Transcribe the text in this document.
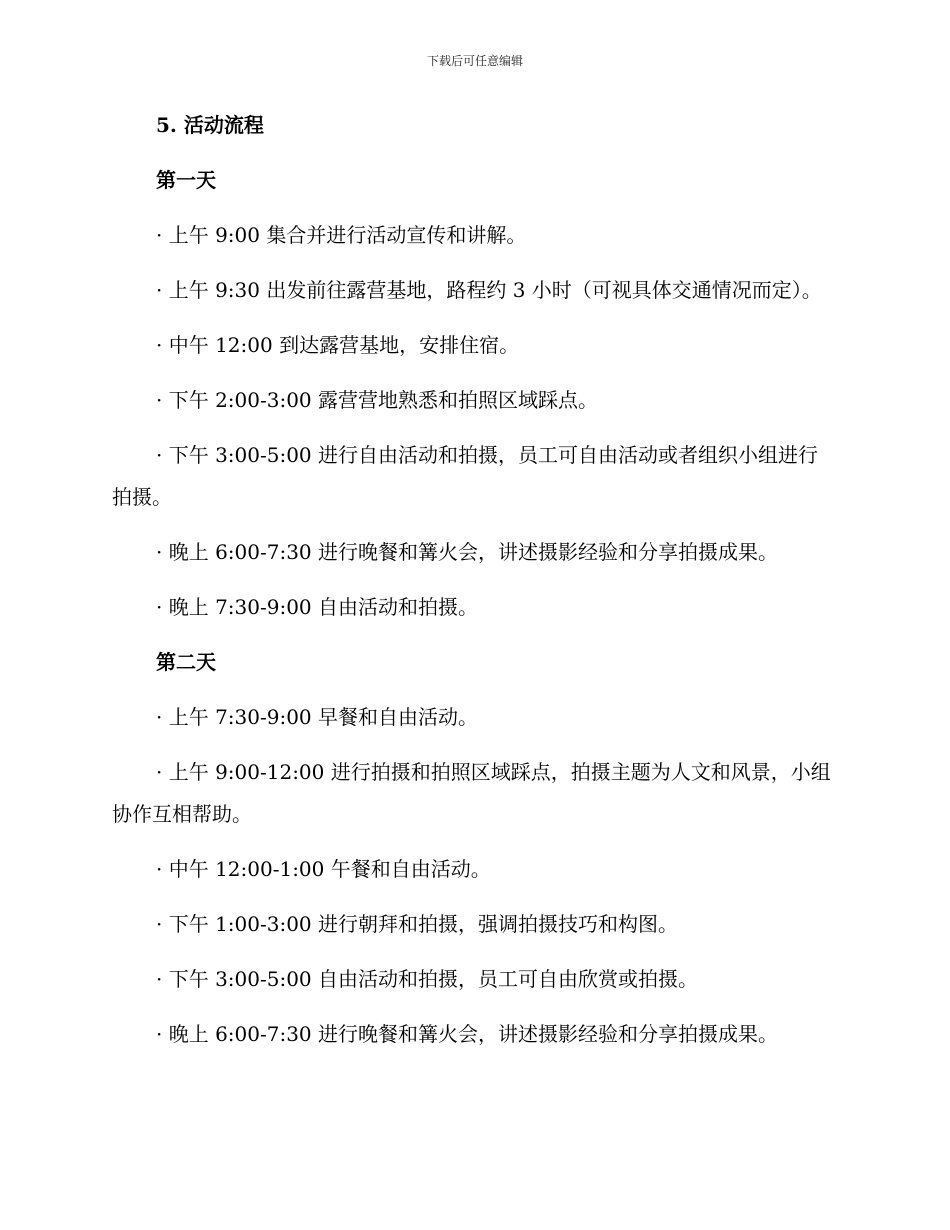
下载后可任意编辑
5. 活动流程
第一天

· 上午 9:00 集合并进行活动宣传和讲解。

· 上午 9:30 出发前往露营基地，路程约 3 小时（可视具体交通情况而定）。

· 中午 12:00 到达露营基地，安排住宿。

· 下午 2:00-3:00 露营营地熟悉和拍照区域踩点。

· 下午 3:00-5:00 进行自由活动和拍摄，员工可自由活动或者组织小组进行拍摄。

· 晚上 6:00-7:30 进行晚餐和篝火会，讲述摄影经验和分享拍摄成果。

· 晚上 7:30-9:00 自由活动和拍摄。

第二天

· 上午 7:30-9:00 早餐和自由活动。

· 上午 9:00-12:00 进行拍摄和拍照区域踩点，拍摄主题为人文和风景，小组协作互相帮助。

· 中午 12:00-1:00 午餐和自由活动。

· 下午 1:00-3:00 进行朝拜和拍摄，强调拍摄技巧和构图。

· 下午 3:00-5:00 自由活动和拍摄，员工可自由欣赏或拍摄。

· 晚上 6:00-7:30 进行晚餐和篝火会，讲述摄影经验和分享拍摄成果。
